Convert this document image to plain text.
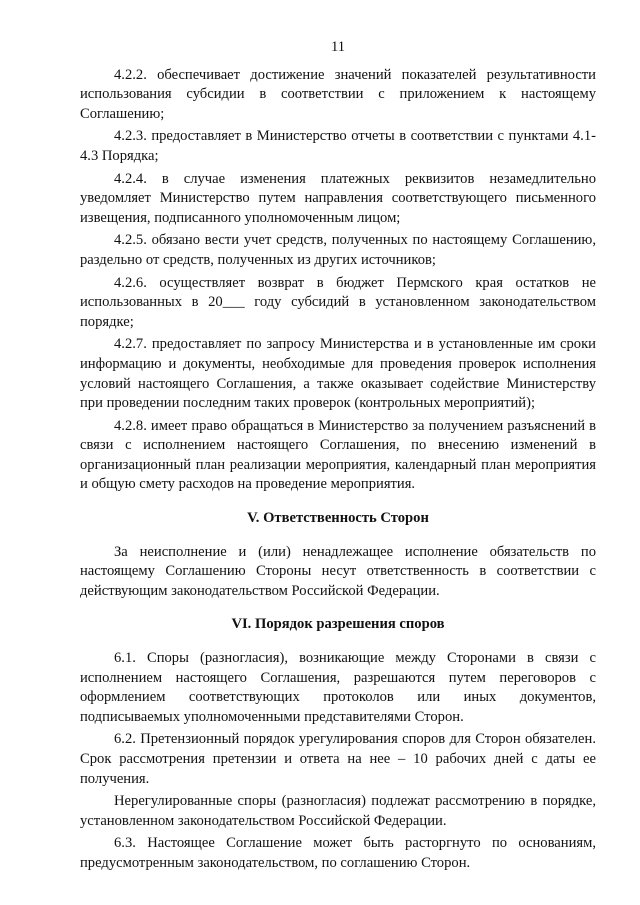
11

4.2.2. обеспечивает достижение значений показателей результативности использования субсидии в соответствии с приложением к настоящему Соглашению;

4.2.3. предоставляет в Министерство отчеты в соответствии с пунктами 4.1-4.3 Порядка;

4.2.4. в случае изменения платежных реквизитов незамедлительно уведомляет Министерство путем направления соответствующего письменного извещения, подписанного уполномоченным лицом;

4.2.5. обязано вести учет средств, полученных по настоящему Соглашению, раздельно от средств, полученных из других источников;

4.2.6. осуществляет возврат в бюджет Пермского края остатков не использованных в 20___ году субсидий в установленном законодательством порядке;

4.2.7. предоставляет по запросу Министерства и в установленные им сроки информацию и документы, необходимые для проведения проверок исполнения условий настоящего Соглашения, а также оказывает содействие Министерству при проведении последним таких проверок (контрольных мероприятий);

4.2.8. имеет право обращаться в Министерство за получением разъяснений в связи с исполнением настоящего Соглашения, по внесению изменений в организационный план реализации мероприятия, календарный план мероприятия и общую смету расходов на проведение мероприятия.

V. Ответственность Сторон

За неисполнение и (или) ненадлежащее исполнение обязательств по настоящему Соглашению Стороны несут ответственность в соответствии с действующим законодательством Российской Федерации.

VI. Порядок разрешения споров

6.1. Споры (разногласия), возникающие между Сторонами в связи с исполнением настоящего Соглашения, разрешаются путем переговоров с оформлением соответствующих протоколов или иных документов, подписываемых уполномоченными представителями Сторон.

6.2. Претензионный порядок урегулирования споров для Сторон обязателен. Срок рассмотрения претензии и ответа на нее – 10 рабочих дней с даты ее получения.

Нерегулированные споры (разногласия) подлежат рассмотрению в порядке, установленном законодательством Российской Федерации.

6.3. Настоящее Соглашение может быть расторгнуто по основаниям, предусмотренным законодательством, по соглашению Сторон.
